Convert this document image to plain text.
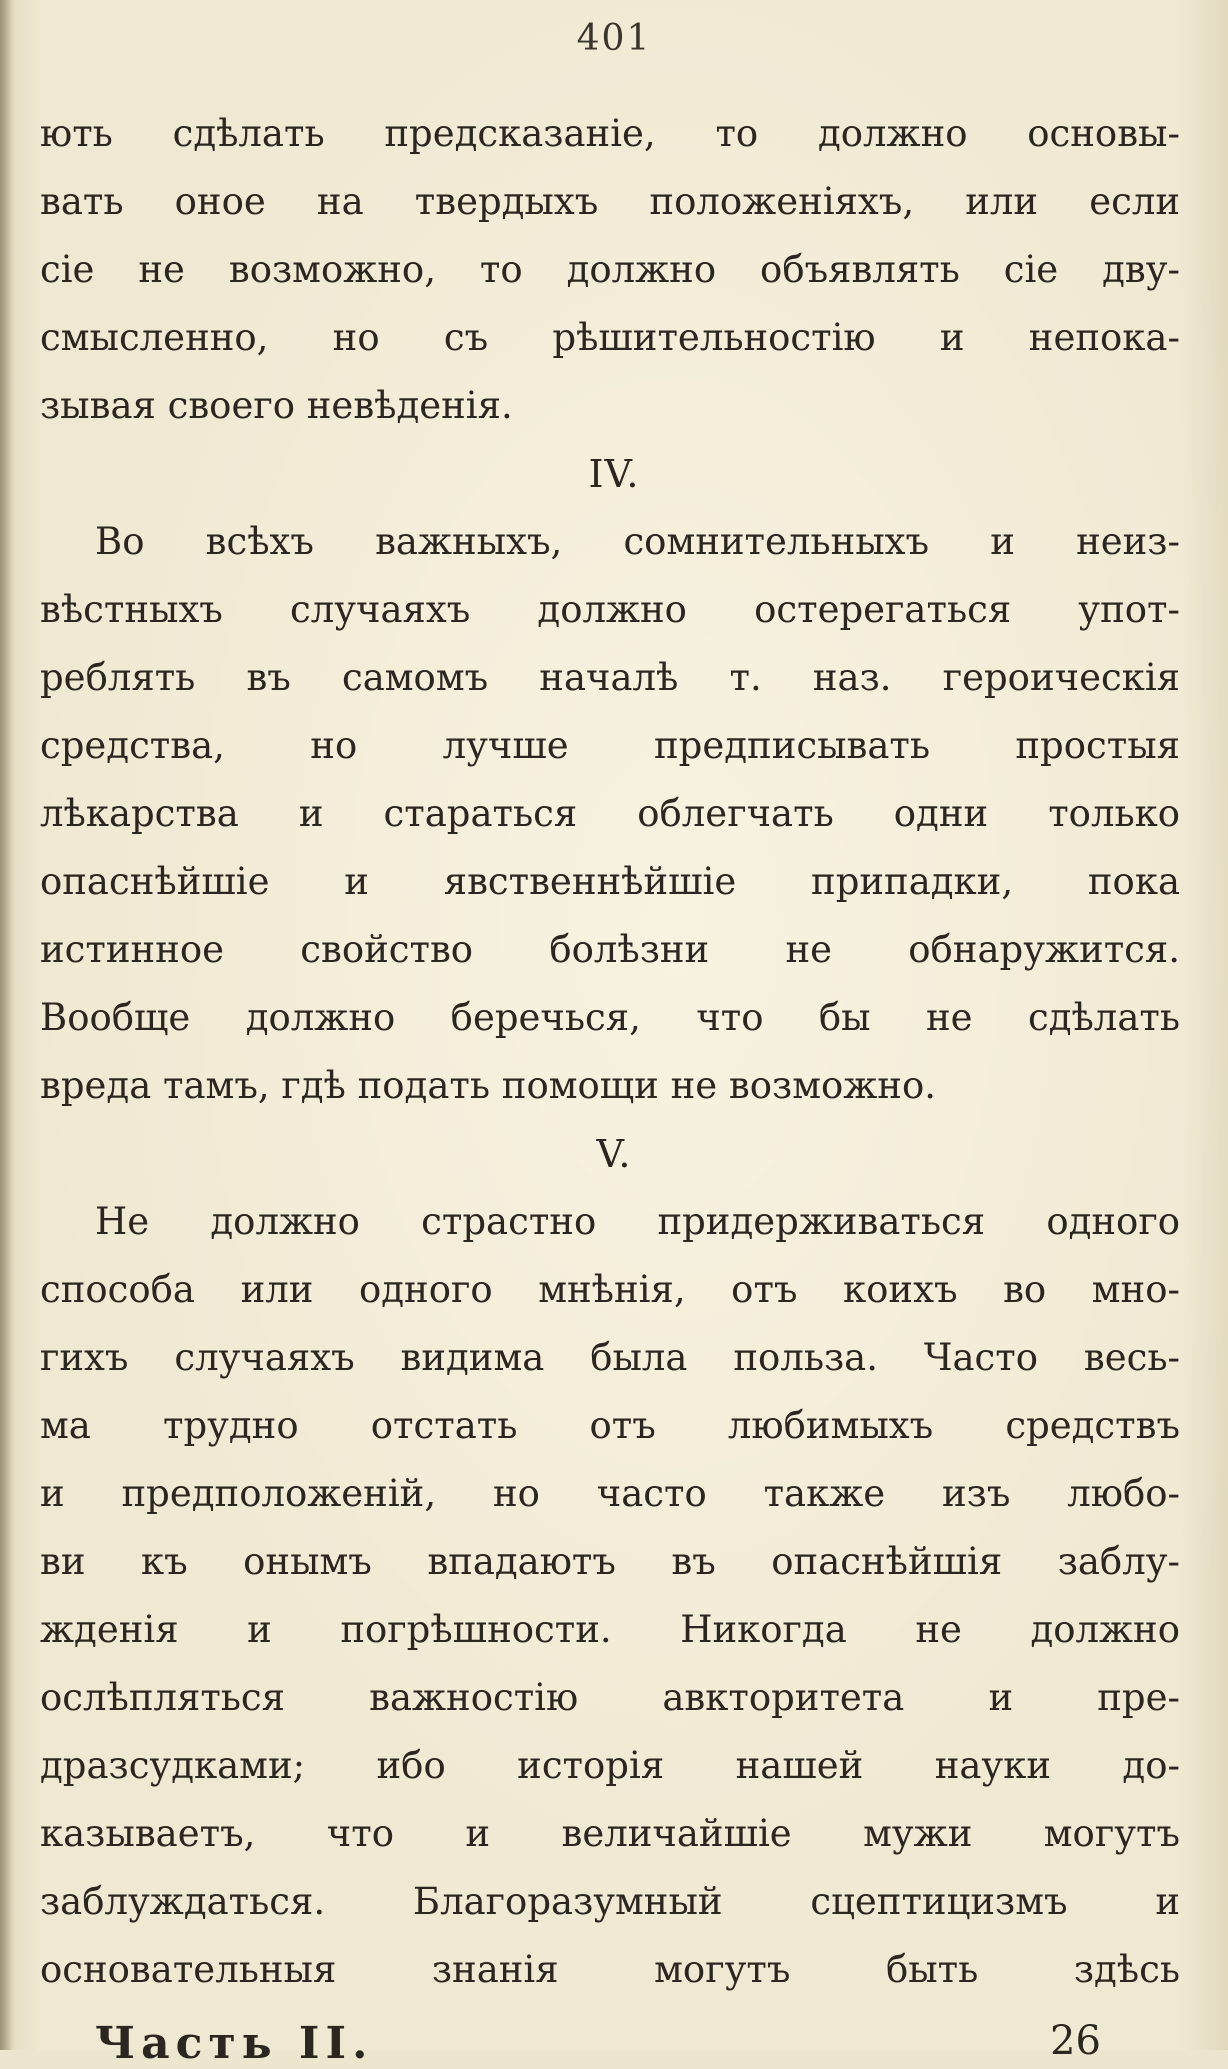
401
ють сдѣлать предсказаніе, то должно основы-
вать оное на твердыхъ положеніяхъ, или если
сіе не возможно, то должно объявлять сіе дву-
смысленно, но съ рѣшительностію и непока-
зывая своего невѣденія.
IV.
Во всѣхъ важныхъ, сомнительныхъ и неиз-
вѣстныхъ случаяхъ должно остерегаться упот-
реблять въ самомъ началѣ т. наз. героическія
средства, но лучше предписывать простыя
лѣкарства и стараться облегчать одни только
опаснѣйшіе и явственнѣйшіе припадки, пока
истинное свойство болѣзни не обнаружится.
Вообще должно беречься, что бы не сдѣлать
вреда тамъ, гдѣ подать помощи не возможно.
V.
Не должно страстно придерживаться одного
способа или одного мнѣнія, отъ коихъ во мно-
гихъ случаяхъ видима была польза. Часто весь-
ма трудно отстать отъ любимыхъ средствъ
и предположеній, но часто также изъ любо-
ви къ онымъ впадаютъ въ опаснѣйшія заблу-
жденія и погрѣшности. Никогда не должно
ослѣпляться важностію авкторитета и пре-
дразсудками; ибо исторія нашей науки до-
казываетъ, что и величайшіе мужи могутъ
заблуждаться. Благоразумный сцептицизмъ и
основательныя знанія могутъ быть здѣсь
Часть II.	26
